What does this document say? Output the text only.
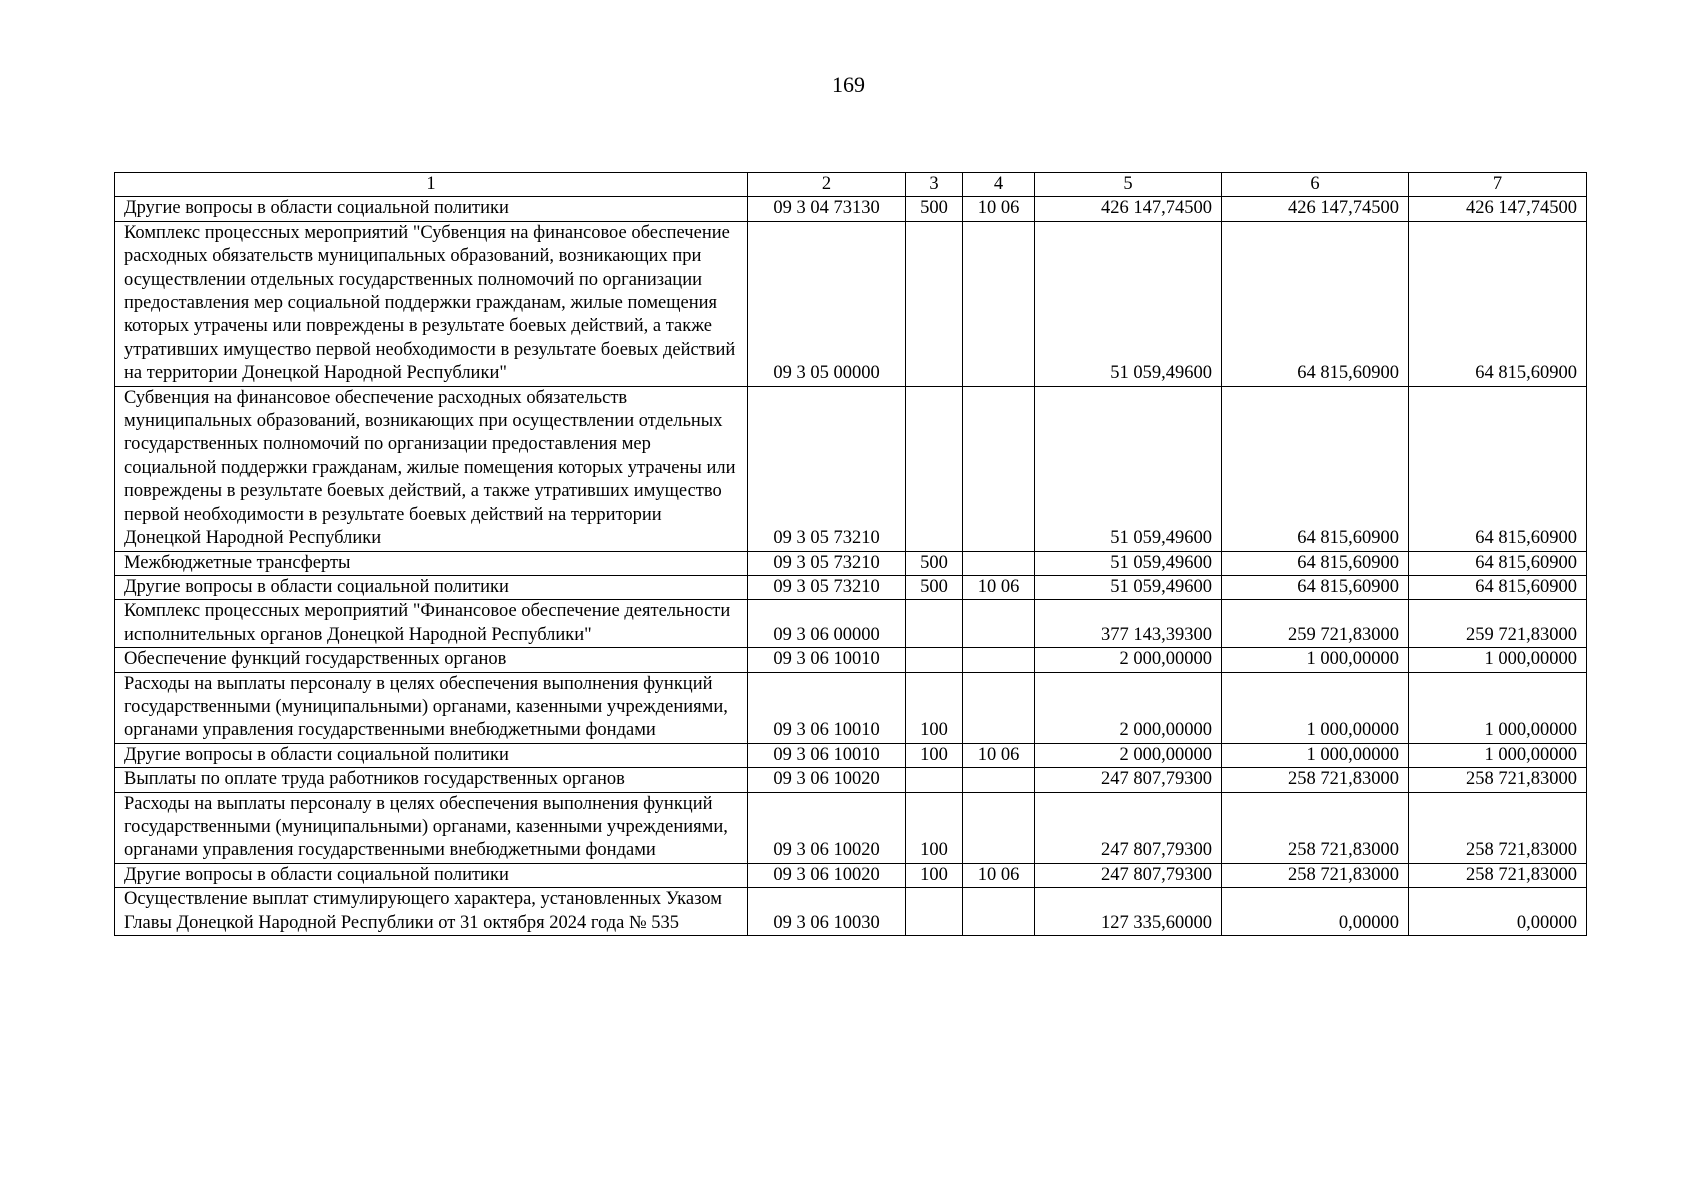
169
1	2	3	4	5	6	7
Другие вопросы в области социальной политики	09 3 04 73130	500	10 06	426 147,74500	426 147,74500	426 147,74500
Комплекс процессных мероприятий "Субвенция на финансовое обеспечение расходных обязательств муниципальных образований, возникающих при осуществлении отдельных государственных полномочий по организации предоставления мер социальной поддержки гражданам, жилые помещения которых утрачены или повреждены в результате боевых действий, а также утративших имущество первой необходимости в результате боевых действий на территории Донецкой Народной Республики"	09 3 05 00000			51 059,49600	64 815,60900	64 815,60900
Субвенция на финансовое обеспечение расходных обязательств муниципальных образований, возникающих при осуществлении отдельных государственных полномочий по организации предоставления мер социальной поддержки гражданам, жилые помещения которых утрачены или повреждены в результате боевых действий, а также утративших имущество первой необходимости в результате боевых действий на территории Донецкой Народной Республики	09 3 05 73210			51 059,49600	64 815,60900	64 815,60900
Межбюджетные трансферты	09 3 05 73210	500		51 059,49600	64 815,60900	64 815,60900
Другие вопросы в области социальной политики	09 3 05 73210	500	10 06	51 059,49600	64 815,60900	64 815,60900
Комплекс процессных мероприятий "Финансовое обеспечение деятельности исполнительных органов Донецкой Народной Республики"	09 3 06 00000			377 143,39300	259 721,83000	259 721,83000
Обеспечение функций государственных органов	09 3 06 10010			2 000,00000	1 000,00000	1 000,00000
Расходы на выплаты персоналу в целях обеспечения выполнения функций государственными (муниципальными) органами, казенными учреждениями, органами управления государственными внебюджетными фондами	09 3 06 10010	100		2 000,00000	1 000,00000	1 000,00000
Другие вопросы в области социальной политики	09 3 06 10010	100	10 06	2 000,00000	1 000,00000	1 000,00000
Выплаты по оплате труда работников государственных органов	09 3 06 10020			247 807,79300	258 721,83000	258 721,83000
Расходы на выплаты персоналу в целях обеспечения выполнения функций государственными (муниципальными) органами, казенными учреждениями, органами управления государственными внебюджетными фондами	09 3 06 10020	100		247 807,79300	258 721,83000	258 721,83000
Другие вопросы в области социальной политики	09 3 06 10020	100	10 06	247 807,79300	258 721,83000	258 721,83000
Осуществление выплат стимулирующего характера, установленных Указом Главы Донецкой Народной Республики от 31 октября 2024 года № 535	09 3 06 10030			127 335,60000	0,00000	0,00000
